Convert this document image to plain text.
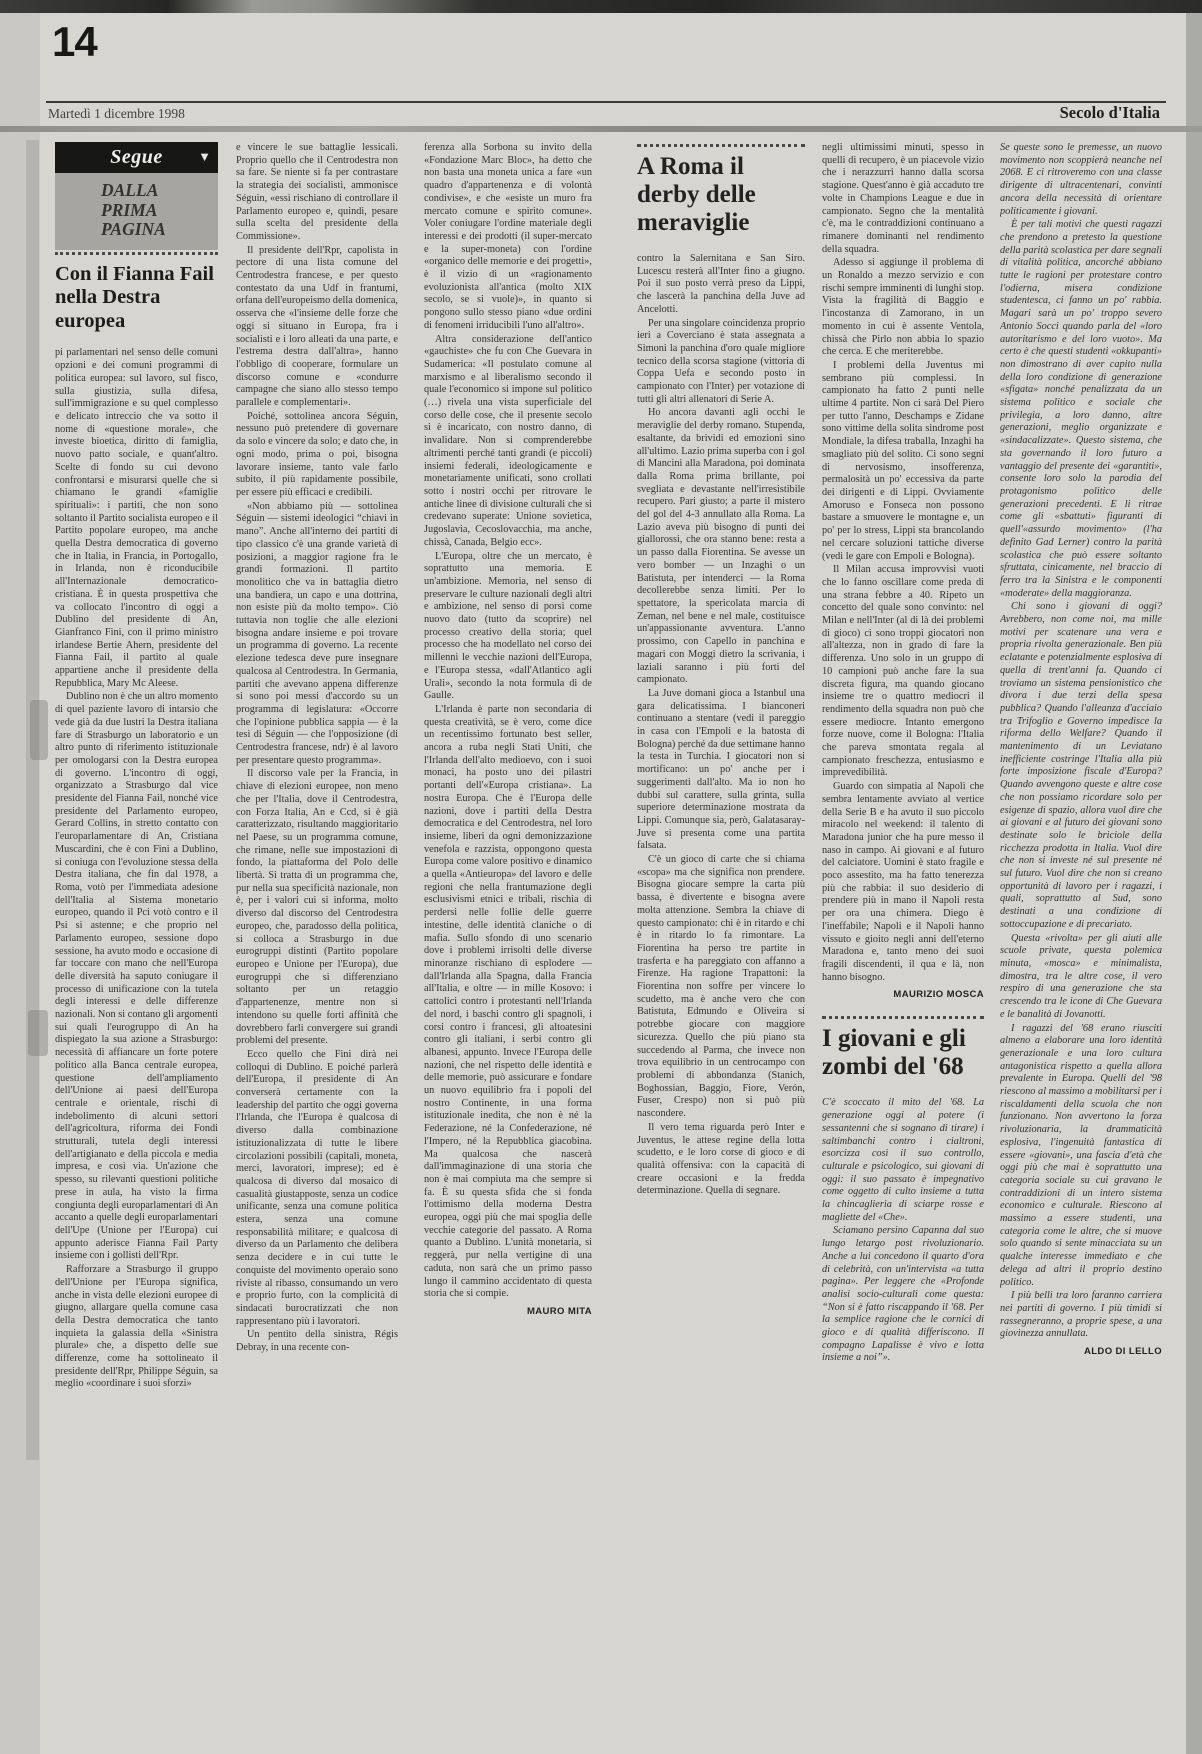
14
Martedì 1 dicembre 1998	Secolo d'Italia
Segue	▼
DALLA PRIMA PAGINA
Con il Fianna Fail nella Destra europea

pi parlamentari nel senso delle comuni opzioni e dei comuni programmi di politica europea: sul lavoro, sul fisco, sulla giustizia, sulla difesa, sull'immigrazione e su quel complesso e delicato intreccio che va sotto il nome di «questione morale», che investe bioetica, diritto di famiglia, nuovo patto sociale, e quant'altro. Scelte di fondo su cui devono confrontarsi e misurarsi quelle che si chiamano le grandi «famiglie spirituali»: i partiti, che non sono soltanto il Partito socialista europeo e il Partito popolare europeo, ma anche quella Destra democratica di governo che in Italia, in Francia, in Portogallo, in Irlanda, non è riconducibile all'Internazionale democratico-cristiana. È in questa prospettiva che va collocato l'incontro di oggi a Dublino del presidente di An, Gianfranco Fini, con il primo ministro irlandese Bertie Ahern, presidente del Fianna Fail, il partito al quale appartiene anche il presidente della Repubblica, Mary Mc Aleese.

Dublino non è che un altro momento di quel paziente lavoro di intarsio che vede già da due lustri la Destra italiana fare di Strasburgo un laboratorio e un altro punto di riferimento istituzionale per omologarsi con la Destra europea di governo. L'incontro di oggi, organizzato a Strasburgo dal vice presidente del Fianna Fail, nonché vice presidente del Parlamento europeo, Gerard Collins, in stretto contatto con l'europarlamentare di An, Cristiana Muscardini, che è con Fini a Dublino, si coniuga con l'evoluzione stessa della Destra italiana, che fin dal 1978, a Roma, votò per l'immediata adesione dell'Italia al Sistema monetario europeo, quando il Pci votò contro e il Psi si astenne; e che proprio nel Parlamento europeo, sessione dopo sessione, ha avuto modo e occasione di far toccare con mano che nell'Europa delle diversità ha saputo coniugare il processo di unificazione con la tutela degli interessi e delle differenze nazionali. Non si contano gli argomenti sui quali l'eurogruppo di An ha dispiegato la sua azione a Strasburgo: necessità di affiancare un forte potere politico alla Banca centrale europea, questione dell'ampliamento dell'Unione ai paesi dell'Europa centrale e orientale, rischi di indebolimento di alcuni settori dell'agricoltura, riforma dei Fondi strutturali, tutela degli interessi dell'artigianato e della piccola e media impresa, e così via. Un'azione che spesso, su rilevanti questioni politiche prese in aula, ha visto la firma congiunta degli europarlamentari di An accanto a quelle degli europarlamentari dell'Upe (Unione per l'Europa) cui appunto aderisce Fianna Fail Party insieme con i gollisti dell'Rpr.

Rafforzare a Strasburgo il gruppo dell'Unione per l'Europa significa, anche in vista delle elezioni europee di giugno, allargare quella comune casa della Destra democratica che tanto inquieta la galassia della «Sinistra plurale» che, a dispetto delle sue differenze, come ha sottolineato il presidente dell'Rpr, Philippe Séguin, sa meglio «coordinare i suoi sforzi»

e vincere le sue battaglie lessicali. Proprio quello che il Centrodestra non sa fare. Se niente si fa per contrastare la strategia dei socialisti, ammonisce Séguin, «essi rischiano di controllare il Parlamento europeo e, quindi, pesare sulla scelta del presidente della Commissione».

Il presidente dell'Rpr, capolista in pectore di una lista comune del Centrodestra francese, e per questo contestato da una Udf in frantumi, orfana dell'europeismo della domenica, osserva che «l'insieme delle forze che oggi si situano in Europa, fra i socialisti e i loro alleati da una parte, e l'estrema destra dall'altra», hanno l'obbligo di cooperare, formulare un discorso comune e «condurre campagne che siano allo stesso tempo parallele e complementari».

Poiché, sottolinea ancora Séguin, nessuno può pretendere di governare da solo e vincere da solo; e dato che, in ogni modo, prima o poi, bisogna lavorare insieme, tanto vale farlo subito, il più rapidamente possibile, per essere più efficaci e credibili.

«Non abbiamo più — sottolinea Séguin — sistemi ideologici “chiavi in mano”. Anche all'interno dei partiti di tipo classico c'è una grande varietà di posizioni, a maggior ragione fra le grandi formazioni. Il partito monolitico che va in battaglia dietro una bandiera, un capo e una dottrina, non esiste più da molto tempo». Ciò tuttavia non toglie che alle elezioni bisogna andare insieme e poi trovare un programma di governo. La recente elezione tedesca deve pure insegnare qualcosa al Centrodestra. In Germania, partiti che avevano appena differenze si sono poi messi d'accordo su un programma di legislatura: «Occorre che l'opinione pubblica sappia — è la tesi di Séguin — che l'opposizione (di Centrodestra francese, ndr) è al lavoro per presentare questo programma».

Il discorso vale per la Francia, in chiave di elezioni europee, non meno che per l'Italia, dove il Centrodestra, con Forza Italia, An e Ccd, si è già caratterizzato, risultando maggioritario nel Paese, su un programma comune, che rimane, nelle sue impostazioni di fondo, la piattaforma del Polo delle libertà. Si tratta di un programma che, pur nella sua specificità nazionale, non è, per i valori cui si informa, molto diverso dal discorso del Centrodestra europeo, che, paradosso della politica, si colloca a Strasburgo in due eurogruppi distinti (Partito popolare europeo e Unione per l'Europa), due eurogruppi che si differenziano soltanto per un retaggio d'appartenenze, mentre non si intendono su quelle forti affinità che dovrebbero farli convergere sui grandi problemi del presente.

Ecco quello che Fini dirà nei colloqui di Dublino. E poiché parlerà dell'Europa, il presidente di An converserà certamente con la leadership del partito che oggi governa l'Irlanda, che l'Europa è qualcosa di diverso dalla combinazione istituzionalizzata di tutte le libere circolazioni possibili (capitali, moneta, merci, lavoratori, imprese); ed è qualcosa di diverso dal mosaico di casualità giustapposte, senza un codice unificante, senza una comune politica estera, senza una comune responsabilità militare; e qualcosa di diverso da un Parlamento che delibera senza decidere e in cui tutte le conquiste del movimento operaio sono riviste al ribasso, consumando un vero e proprio furto, con la complicità di sindacati burocratizzati che non rappresentano più i lavoratori.

Un pentito della sinistra, Régis Debray, in una recente con-

ferenza alla Sorbona su invito della «Fondazione Marc Bloc», ha detto che non basta una moneta unica a fare «un quadro d'appartenenza e di volontà condivise», e che «esiste un muro fra mercato comune e spirito comune». Voler coniugare l'ordine materiale degli interessi e dei prodotti (il super-mercato e la super-moneta) con l'ordine «organico delle memorie e dei progetti», è il vizio di un «ragionamento evoluzionista all'antica (molto XIX secolo, se si vuole)», in quanto si pongono sullo stesso piano «due ordini di fenomeni irriducibili l'uno all'altro».

Altra considerazione dell'antico «gauchiste» che fu con Che Guevara in Sudamerica: «Il postulato comune al marxismo e al liberalismo secondo il quale l'economico si impone sul politico (…) rivela una vista superficiale del corso delle cose, che il presente secolo si è incaricato, con nostro danno, di invalidare. Non si comprenderebbe altrimenti perché tanti grandi (e piccoli) insiemi federali, ideologicamente e monetariamente unificati, sono crollati sotto i nostri occhi per ritrovare le antiche linee di divisione culturali che si credevano superate: Unione sovietica, Jugoslavia, Cecoslovacchia, ma anche, chissà, Canada, Belgio ecc».

L'Europa, oltre che un mercato, è soprattutto una memoria. E un'ambizione. Memoria, nel senso di preservare le culture nazionali degli altri e ambizione, nel senso di porsi come nuovo dato (tutto da scoprire) nel processo creativo della storia; quel processo che ha modellato nel corso dei millenni le vecchie nazioni dell'Europa, e l'Europa stessa, «dall'Atlantico agli Urali», secondo la nota formula di de Gaulle.

L'Irlanda è parte non secondaria di questa creatività, se è vero, come dice un recentissimo fortunato best seller, ancora a ruba negli Stati Uniti, che l'Irlanda dell'alto medioevo, con i suoi monaci, ha posto uno dei pilastri portanti dell'«Europa cristiana». La nostra Europa. Che è l'Europa delle nazioni, dove i partiti della Destra democratica e del Centrodestra, nel loro insieme, liberi da ogni demonizzazione venefola e razzista, oppongono questa Europa come valore positivo e dinamico a quella «Antieuropa» del lavoro e delle regioni che nella frantumazione degli esclusivismi etnici e tribali, rischia di perdersi nelle follie delle guerre intestine, delle identità claniche o di mafia. Sullo sfondo di uno scenario dove i problemi irrisolti delle diverse minoranze rischiano di esplodere — dall'Irlanda alla Spagna, dalla Francia all'Italia, e oltre — in mille Kosovo: i cattolici contro i protestanti nell'Irlanda del nord, i baschi contro gli spagnoli, i corsi contro i francesi, gli altoatesini contro gli italiani, i serbi contro gli albanesi, appunto. Invece l'Europa delle nazioni, che nel rispetto delle identità e delle memorie, può assicurare e fondare un nuovo equilibrio fra i popoli del nostro Continente, in una forma istituzionale inedita, che non è né la Federazione, né la Confederazione, né l'Impero, né la Repubblica giacobina. Ma qualcosa che nascerà dall'immaginazione di una storia che non è mai compiuta ma che sempre si fa. È su questa sfida che si fonda l'ottimismo della moderna Destra europea, oggi più che mai spoglia delle vecchie categorie del passato. A Roma quanto a Dublino. L'unità monetaria, si reggerà, pur nella vertigine di una caduta, non sarà che un primo passo lungo il cammino accidentato di questa storia che si compie.

MAURO MITA
A Roma il derby delle meraviglie

contro la Salernitana e San Siro. Lucescu resterà all'Inter fino a giugno. Poi il suo posto verrà preso da Lippi, che lascerà la panchina della Juve ad Ancelotti.

Per una singolare coincidenza proprio ieri a Coverciano è stata assegnata a Simoni la panchina d'oro quale migliore tecnico della scorsa stagione (vittoria di Coppa Uefa e secondo posto in campionato con l'Inter) per votazione di tutti gli altri allenatori di Serie A.

Ho ancora davanti agli occhi le meraviglie del derby romano. Stupenda, esaltante, da brividi ed emozioni sino all'ultimo. Lazio prima superba con i gol di Mancini alla Maradona, poi dominata dalla Roma prima brillante, poi svegliata e devastante nell'irresistibile recupero. Pari giusto; a parte il mistero del gol del 4-3 annullato alla Roma. La Lazio aveva più bisogno di punti dei giallorossi, che ora stanno bene: resta a un passo dalla Fiorentina. Se avesse un vero bomber — un Inzaghi o un Batistuta, per intenderci — la Roma decollerebbe senza limiti. Per lo spettatore, la spericolata marcia di Zeman, nel bene e nel male, costituisce un'appassionante avventura. L'anno prossimo, con Capello in panchina e magari con Moggi dietro la scrivania, i laziali saranno i più forti del campionato.

La Juve domani gioca a Istanbul una gara delicatissima. I bianconeri continuano a stentare (vedi il pareggio in casa con l'Empoli e la batosta di Bologna) perché da due settimane hanno la testa in Turchia. I giocatori non si mortificano: un po' anche per i suggerimenti dall'alto. Ma io non ho dubbi sul carattere, sulla grinta, sulla superiore determinazione mostrata da Lippi. Comunque sia, però, Galatasaray-Juve si presenta come una partita falsata.

C'è un gioco di carte che si chiama «scopa» ma che significa non prendere. Bisogna giocare sempre la carta più bassa, è divertente e bisogna avere molta attenzione. Sembra la chiave di questo campionato: chi è in ritardo e chi è in ritardo lo fa rimontare. La Fiorentina ha perso tre partite in trasferta e ha pareggiato con affanno a Firenze. Ha ragione Trapattoni: la Fiorentina non soffre per vincere lo scudetto, ma è anche vero che con Batistuta, Edmundo e Oliveira si potrebbe giocare con maggiore sicurezza. Quello che più piano sta succedendo al Parma, che invece non trova equilibrio in un centrocampo con problemi di abbondanza (Stanich, Boghossian, Baggio, Fiore, Verón, Fuser, Crespo) non si può più nascondere.

Il vero tema riguarda però Inter e Juventus, le attese regine della lotta scudetto, e le loro corse di gioco e di qualità offensiva: con la capacità di creare occasioni e la fredda determinazione. Quella di segnare.

negli ultimissimi minuti, spesso in quelli di recupero, è un piacevole vizio che i nerazzurri hanno dalla scorsa stagione. Quest'anno è già accaduto tre volte in Champions League e due in campionato. Segno che la mentalità c'è, ma le contraddizioni continuano a rimanere dominanti nel rendimento della squadra.

Adesso si aggiunge il problema di un Ronaldo a mezzo servizio e con rischi sempre imminenti di lunghi stop. Vista la fragilità di Baggio e l'incostanza di Zamorano, in un momento in cui è assente Ventola, chissà che Pirlo non abbia lo spazio che cerca. E che meriterebbe.

I problemi della Juventus mi sembrano più complessi. In campionato ha fatto 2 punti nelle ultime 4 partite. Non ci sarà Del Piero per tutto l'anno, Deschamps e Zidane sono vittime della solita sindrome post Mondiale, la difesa traballa, Inzaghi ha smagliato più del solito. Ci sono segni di nervosismo, insofferenza, permalosità un po' eccessiva da parte dei dirigenti e di Lippi. Ovviamente Amoruso e Fonseca non possono bastare a smuovere le montagne e, un po' per lo stress, Lippi sta brancolando nel cercare soluzioni tattiche diverse (vedi le gare con Empoli e Bologna).

Il Milan accusa improvvisi vuoti che lo fanno oscillare come preda di una strana febbre a 40. Ripeto un concetto del quale sono convinto: nel Milan e nell'Inter (al di là dei problemi di gioco) ci sono troppi giocatori non all'altezza, non in grado di fare la differenza. Uno solo in un gruppo di 10 campioni può anche fare la sua discreta figura, ma quando giocano insieme tre o quattro mediocri il rendimento della squadra non può che essere mediocre. Intanto emergono forze nuove, come il Bologna: l'Italia che pareva smontata regala al campionato freschezza, entusiasmo e imprevedibilità.

Guardo con simpatia al Napoli che sembra lentamente avviato al vertice della Serie B e ha avuto il suo piccolo miracolo nel weekend: il talento di Maradona junior che ha pure messo il naso in campo. Ai giovani e al futuro del calciatore. Uomini è stato fragile e poco assestito, ma ha fatto tenerezza più che rabbia: il suo desiderio di prendere più in mano il Napoli resta per ora una chimera. Diego è l'ineffabile; Napoli e il Napoli hanno vissuto e gioito negli anni dell'eterno Maradona e, tanto meno dei suoi fragili discendenti, il qua e là, non hanno bisogno.

MAURIZIO MOSCA
I giovani e gli zombi del '68

C'è scoccato il mito del '68. La generazione oggi al potere (i sessantenni che si sognano di tirare) i saltimbanchi contro i cialtroni, esorcizza così il suo controllo, culturale e psicologico, sui giovani di oggi: il suo passato è impegnativo come oggetto di culto insieme a tutta la chincaglieria di sciarpe rosse e magliette del «Che».

Sciamano persino Capanna dal suo lungo letargo post rivoluzionario. Anche a lui concedono il quarto d'ora di celebrità, con un'intervista «a tutta pagina». Per leggere che «Profonde analisi socio-culturali come questa: “Non si è fatto riscappando il '68. Per la semplice ragione che le cornici di gioco e di qualità differiscono. Il compagno Lapalisse è vivo e lotta insieme a noi”».

Se queste sono le premesse, un nuovo movimento non scoppierà neanche nel 2068. E ci ritroveremo con una classe dirigente di ultracentenari, convinti ancora della necessità di orientare politicamente i giovani.

È per tali motivi che questi ragazzi che prendono a pretesto la questione della parità scolastica per dare segnali di vitalità politica, ancorché abbiano tutte le ragioni per protestare contro l'odierna, misera condizione studentesca, ci fanno un po' rabbia. Magari sarà un po' troppo severo Antonio Socci quando parla del «loro autoritarismo e del loro vuoto». Ma certo è che questi studenti «okkupanti» non dimostrano di aver capito nulla della loro condizione di generazione «sfigata» nonché penalizzata da un sistema politico e sociale che privilegia, a loro danno, altre generazioni, meglio organizzate e «sindacalizzate». Questo sistema, che sta governando il loro futuro a vantaggio del presente dei «garantiti», consente loro solo la parodia del protagonismo politico delle generazioni precedenti. E li ritrae come gli «sbattuti» figuranti di quell'«assurdo movimento» (l'ha definito Gad Lerner) contro la parità scolastica che può essere soltanto sfruttata, cinicamente, nel braccio di ferro tra la Sinistra e le componenti «moderate» della maggioranza.

Chi sono i giovani di oggi? Avrebbero, non come noi, ma mille motivi per scatenare una vera e propria rivolta generazionale. Ben più eclatante e potenzialmente esplosiva di quella di trent'anni fa. Quando ci troviamo un sistema pensionistico che divora i due terzi della spesa pubblica? Quando l'alleanza d'acciaio tra Trifoglio e Governo impedisce la riforma dello Welfare? Quando il mantenimento di un Leviatano inefficiente costringe l'Italia alla più forte imposizione fiscale d'Europa? Quando avvengono queste e altre cose che non possiamo ricordare solo per esigenze di spazio, allora vuol dire che ai giovani e al futuro dei giovani sono destinate solo le briciole della ricchezza prodotta in Italia. Vuol dire che non si investe né sul presente né sul futuro. Vuol dire che non si creano opportunità di lavoro per i ragazzi, i quali, soprattutto al Sud, sono destinati a una condizione di sottoccupazione e di precariato.

Questa «rivolta» per gli aiuti alle scuole private, questa polemica minuta, «mosca» e minimalista, dimostra, tra le altre cose, il vero respiro di una generazione che sta crescendo tra le icone di Che Guevara e le banalità di Jovanotti.

I ragazzi del '68 erano riusciti almeno a elaborare una loro identità generazionale e una loro cultura antagonistica rispetto a quella allora prevalente in Europa. Quelli del '98 riescono al massimo a mobilitarsi per i riscaldamenti della scuola che non funzionano. Non avvertono la forza rivoluzionaria, la drammaticità esplosiva, l'ingenuità fantastica di essere «giovani», una fascia d'età che oggi più che mai è soprattutto una categoria sociale su cui gravano le contraddizioni di un intero sistema economico e culturale. Riescono al massimo a essere studenti, una categoria come le altre, che si muove solo quando si sente minacciata su un qualche interesse immediato e che delega ad altri il proprio destino politico.

I più belli tra loro faranno carriera nei partiti di governo. I più timidi si rassegneranno, a proprie spese, a una giovinezza annullata.

ALDO DI LELLO
